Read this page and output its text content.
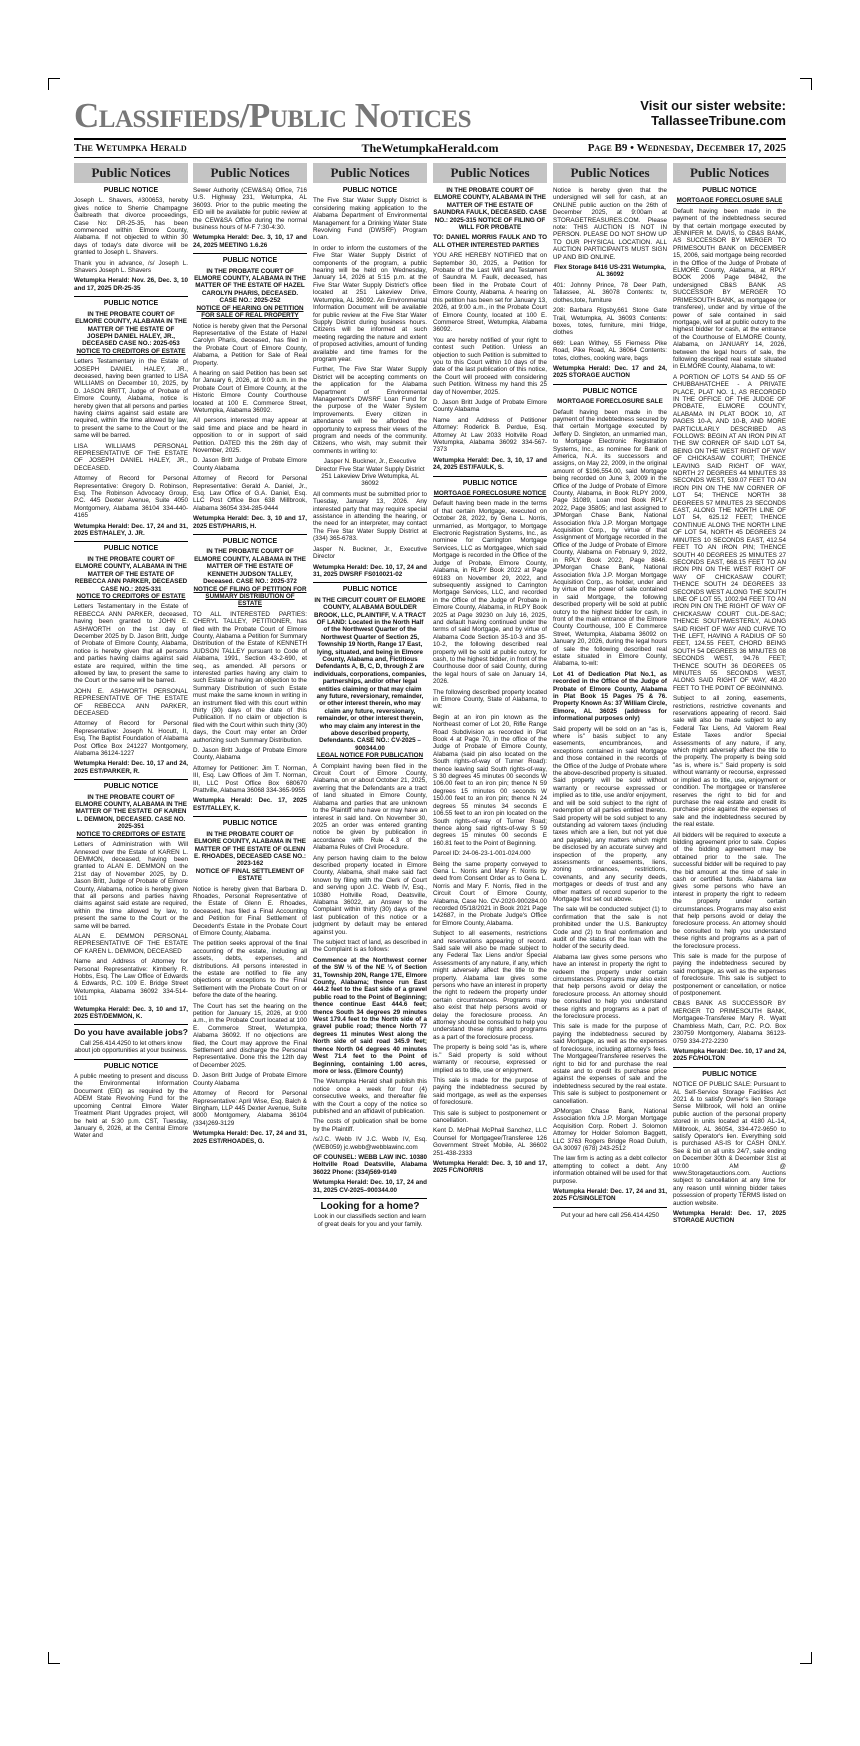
Classifieds/Public Notices	Visit our sister website:
TallasseeTribune.com
The Wetumpka Herald	TheWetumpkaHerald.com	Page B9 • Wednesday, December 17, 2025
Public Notices
PUBLIC NOTICE
Joseph L. Shavers, #300653, hereby gives notice to Sherrie Champagne Galbreath that divorce proceedings, Case No: DR-25-35, has been commenced within Elmore County, Alabama. If not objected to within 30 days of today's date divorce will be granted to Joseph L. Shavers.
Thank you in advance, /s/ Joseph L. Shavers Joseph L. Shavers
Wetumpka Herald: Nov. 26, Dec. 3, 10 and 17, 2025 DR-25-35
PUBLIC NOTICE
IN THE PROBATE COURT OF ELMORE COUNTY, ALABAMA IN THE MATTER OF THE ESTATE OF JOSEPH DANIEL HALEY, JR., DECEASED CASE NO.: 2025-053
NOTICE TO CREDITORS OF ESTATE
Letters Testamentary in the Estate of JOSEPH DANIEL HALEY, JR., deceased, having been granted to LISA WILLIAMS on December 10, 2025, by D. JASON BRITT, Judge of Probate of Elmore County, Alabama, notice is hereby given that all persons and parties having claims against said estate are required, within the time allowed by law, to present the same to the Court or the same will be barred.
LISA WILLIAMS PERSONAL REPRESENTATIVE OF THE ESTATE OF JOSEPH DANIEL HALEY, JR., DECEASED.
Attorney of Record for Personal Representative: Gregory D. Robinson, Esq. The Robinson Advocacy Group, P.C. 445 Dexter Avenue, Suite 4050 Montgomery, Alabama 36104 334-440-4165
Wetumpka Herald: Dec. 17, 24 and 31, 2025 EST/HALEY, J. JR.
PUBLIC NOTICE
IN THE PROBATE COURT OF ELMORE COUNTY, ALABAMA IN THE MATTER OF THE ESTATE OF REBECCA ANN PARKER, DECEASED CASE NO.: 2025-331
NOTICE TO CREDITORS OF ESTATE
Letters Testamentary in the Estate of REBECCA ANN PARKER, deceased, having been granted to JOHN E. ASHWORTH on the 1st day of December 2025 by D. Jason Britt, Judge of Probate of Elmore County, Alabama, notice is hereby given that all persons and parties having claims against said estate are required, within the time allowed by law, to present the same to the Court or the same will be barred.
JOHN E. ASHWORTH PERSONAL REPRESENTATIVE OF THE ESTATE OF REBECCA ANN PARKER, DECEASED
Attorney of Record for Personal Representative: Joseph N. Hocutt, II, Esq. The Baptist Foundation of Alabama Post Office Box 241227 Montgomery, Alabama 36124-1227
Wetumpka Herald: Dec. 10, 17 and 24, 2025 EST/PARKER, R.
PUBLIC NOTICE
IN THE PROBATE COURT OF ELMORE COUNTY, ALABAMA IN THE MATTER OF THE ESTATE OF KAREN L. DEMMON, DECEASED. CASE NO. 2025-351
NOTICE TO CREDITORS OF ESTATE
Letters of Administration with Will Annexed over the Estate of KAREN L. DEMMON, deceased, having been granted to ALAN E. DEMMON on the 21st day of November 2025, by D. Jason Britt, Judge of Probate of Elmore County, Alabama, notice is hereby given that all persons and parties having claims against said estate are required, within the time allowed by law, to present the same to the Court or the same will be barred.
ALAN E. DEMMON PERSONAL REPRESENTATIVE OF THE ESTATE OF KAREN L. DEMMON, DECEASED
Name and Address of Attorney for Personal Representative: Kimberly R. Hobbs, Esq. The Law Office of Edwards & Edwards, P.C. 109 E. Bridge Street Wetumpka, Alabama 36092 334-514-1011
Wetumpka Herald: Dec. 3, 10 and 17, 2025 EST/DEMMON, K.
Do you have available jobs?
Call 256.414.4250 to let others know about job opportunities at your business.
PUBLIC NOTICE
A public meeting to present and discuss the Environmental Information Document (EID) as required by the ADEM State Revolving Fund for the upcoming Central Elmore Water Treatment Plant Upgrades project, will be held at 5:30 p.m. CST, Tuesday, January 6, 2026, at the Central Elmore Water and
Public Notices
Sewer Authority (CEW&SA) Office, 716 U.S. Highway 231, Wetumpka, AL 36093. Prior to the public meeting the EID will be available for public review at the CEW&SA Office during the normal business hours of M-F 7:30-4:30.
Wetumpka Herald: Dec. 3, 10, 17 and 24, 2025 MEETING 1.6.26
PUBLIC NOTICE
IN THE PROBATE COURT OF ELMORE COUNTY, ALABAMA IN THE MATTER OF THE ESTATE OF HAZEL CAROLYN PHARIS, DECEASED. CASE NO.: 2025-252
NOTICE OF HEARING ON PETITION FOR SALE OF REAL PROPERTY
Notice is hereby given that the Personal Representative of the Estate of Hazel Carolyn Pharis, deceased, has filed in the Probate Court of Elmore County, Alabama, a Petition for Sale of Real Property.
A hearing on said Petition has been set for January 6, 2026, at 9:00 a.m. in the Probate Court of Elmore County, at the Historic Elmore County Courthouse located at 100 E. Commerce Street, Wetumpka, Alabama 36092.
All persons interested may appear at said time and place and be heard in opposition to or in support of said Petition. DATED this the 26th day of November, 2025.
D. Jason Britt Judge of Probate Elmore County Alabama
Attorney of Record for Personal Representative: Gerald A. Daniel, Jr., Esq. Law Office of G.A. Daniel, Esq. LLC Post Office Box 638 Millbrook, Alabama 36054 334-285-9444
Wetumpka Herald: Dec. 3, 10 and 17, 2025 EST/PHARIS, H.
PUBLIC NOTICE
IN THE PROBATE COURT OF ELMORE COUNTY, ALABAMA IN THE MATTER OF THE ESTATE OF KENNETH JUDSON TALLEY, Deceased. CASE NO.: 2025-372
NOTICE OF FILING OF PETITION FOR SUMMARY DISTRIBUTION OF ESTATE
TO ALL INTERESTED PARTIES: CHERYL TALLEY, PETITIONER, has filed with the Probate Court of Elmore County, Alabama a Petition for Summary Distribution of the Estate of KENNETH JUDSON TALLEY pursuant to Code of Alabama, 1991, Section 43-2-690, et seq., as amended. All persons or interested parties having any claim to such Estate or having an objection to the Summary Distribution of such Estate must make the same known in writing in an instrument filed with this court within thirty (30) days of the date of this Publication. If no claim or objection is filed with the Court within such thirty (30) days, the Court may enter an Order authorizing such Summary Distribution.
D. Jason Britt Judge of Probate Elmore County, Alabama
Attorney for Petitioner: Jim T. Norman, III, Esq. Law Offices of Jim T. Norman, III, LLC Post Office Box 680670 Prattville, Alabama 36068 334-365-9955
Wetumpka Herald: Dec. 17, 2025 EST/TALLEY, K.
PUBLIC NOTICE
IN THE PROBATE COURT OF ELMORE COUNTY, ALABAMA IN THE MATTER OF THE ESTATE OF GLENN E. RHOADES, DECEASED CASE NO.: 2023-162
NOTICE OF FINAL SETTLEMENT OF ESTATE
Notice is hereby given that Barbara D. Rhoades, Personal Representative of the Estate of Glenn E. Rhoades, deceased, has filed a Final Accounting and Petition for Final Settlement of Decedent's Estate in the Probate Court of Elmore County, Alabama.
The petition seeks approval of the final accounting of the estate, including all assets, debts, expenses, and distributions. All persons interested in the estate are notified to file any objections or exceptions to the Final Settlement with the Probate Court on or before the date of the hearing.
The Court has set the hearing on the petition for January 15, 2026, at 9:00 a.m., in the Probate Court located at 100 E. Commerce Street, Wetumpka, Alabama 36092. If no objections are filed, the Court may approve the Final Settlement and discharge the Personal Representative. Done this the 12th day of December 2025.
D. Jason Britt Judge of Probate Elmore County Alabama
Attorney of Record for Personal Representative: April Wise, Esq. Balch & Bingham, LLP 445 Dexter Avenue, Suite 8000 Montgomery, Alabama 36104 (334)269-3129
Wetumpka Herald: Dec. 17, 24 and 31, 2025 EST/RHOADES, G.
Public Notices
PUBLIC NOTICE
The Five Star Water Supply District is considering making application to the Alabama Department of Environmental Management for a Drinking Water State Revolving Fund (DWSRF) Program Loan.
In order to inform the customers of the Five Star Water Supply District of components of the program, a public hearing will be held on Wednesday, January 14, 2026 at 5:15 p.m. at the Five Star Water Supply District's office located at 251 Lakeview Drive, Wetumpka, AL 36092. An Environmental Information Document will be available for public review at the Five Star Water Supply District during business hours. Citizens will be informed at such meeting regarding the nature and extent of proposed activities, amount of funding available and time frames for the program year.
Further, The Five Star Water Supply District will be accepting comments on the application for the Alabama Department of Environmental Management's DWSRF Loan Fund for the purpose of the Water System Improvements. Every citizen in attendance will be afforded the opportunity to express their views of the program and needs of the community. Citizens, who wish, may submit their comments in writing to:
Jasper N. Buckner, Jr., Executive Director Five Star Water Supply District 251 Lakeview Drive Wetumpka, AL 36092
All comments must be submitted prior to Tuesday, January 13, 2026. Any interested party that may require special assistance in attending the hearing, or the need for an interpreter, may contact The Five Star Water Supply District at (334) 365-6783.
Jasper N. Buckner, Jr., Executive Director
Wetumpka Herald: Dec. 10, 17, 24 and 31, 2025 DWSRF FS010021-02
PUBLIC NOTICE
IN THE CIRCUIT COURT OF ELMORE COUNTY, ALABAMA BOULDER BROOK, LLC, PLAINTIFF, V. A TRACT OF LAND: Located in the North Half of the Northwest Quarter of the Northwest Quarter of Section 25, Township 19 North, Range 17 East, lying, situated, and being in Elmore County, Alabama and, Fictitious Defendants A, B, C, D, through Z are individuals, corporations, companies, partnerships, and/or other legal entities claiming or that may claim any future, reversionary, remainder, or other interest therein, who may claim any future, reversionary, remainder, or other interest therein, who may claim any interest in the above described property, Defendants. CASE NO.: CV-2025 – 900344.00
LEGAL NOTICE FOR PUBLICATION
A Complaint having been filed in the Circuit Court of Elmore County, Alabama, on or about October 21, 2025, averring that the Defendants are a tract of land situated in Elmore County, Alabama and parties that are unknown to the Plaintiff who have or may have an interest in said land. On November 30, 2025 an order was entered granting notice be given by publication in accordance with Rule 4.3 of the Alabama Rules of Civil Procedure.
Any person having claim to the below described property located in Elmore County, Alabama, shall make said fact known by filing with the Clerk of Court and serving upon J.C. Webb IV, Esq., 10380 Holtville Road, Deatsville, Alabama 36022, an Answer to the Complaint within thirty (30) days of the last publication of this notice or a judgment by default may be entered against you.
The subject tract of land, as described in the Complaint is as follows:
Commence at the Northwest corner of the SW ½ of the NE ¼ of Section 31, Township 20N, Range 17E, Elmore County, Alabama; thence run East 444.2 feet to the East side of a gravel public road to the Point of Beginning; thence continue East 444.6 feet; thence South 34 degrees 29 minutes West 179.4 feet to the North side of a gravel public road; thence North 77 degrees 11 minutes West along the North side of said road 345.9 feet; thence North 04 degrees 40 minutes West 71.4 feet to the Point of Beginning, containing 1.00 acres, more or less. (Elmore County)
The Wetumpka Herald shall publish this notice once a week for four (4) consecutive weeks, and thereafter file with the Court a copy of the notice so published and an affidavit of publication.
The costs of publication shall be borne by the Plaintiff.
/s/J.C. Webb IV J.C. Webb IV, Esq. (WEB059) jc.webb@webblawinc.com
OF COUNSEL: WEBB LAW INC. 10380 Holtville Road Deatsville, Alabama 36022 Phone: (334)569-9149
Wetumpka Herald: Dec. 10, 17, 24 and 31, 2025 CV-2025–900344.00
Looking for a home?
Look in our classifieds section and learn of great deals for you and your family.
Public Notices
IN THE PROBATE COURT OF ELMORE COUNTY, ALABAMA IN THE MATTER OF THE ESTATE OF SAUNDRA FAULK, DECEASED. CASE NO.: 2025-315 NOTICE OF FILING OF WILL FOR PROBATE
TO: DANIEL MORRIS FAULK AND TO ALL OTHER INTERESTED PARTIES
YOU ARE HEREBY NOTIFIED that on September 30, 2025, a Petition for Probate of the Last Will and Testament of Saundra M. Faulk, deceased, has been filed in the Probate Court of Elmore County, Alabama. A hearing on this petition has been set for January 13, 2026, at 9:00 a.m., in the Probate Court of Elmore County, located at 100 E. Commerce Street, Wetumpka, Alabama 36092.
You are hereby notified of your right to contest such Petition. Unless an objection to such Petition is submitted to you to this Court within 10 days of the date of the last publication of this notice, the Court will proceed with considering such Petition. Witness my hand this 25 day of November, 2025.
D. Jason Britt Judge of Probate Elmore County Alabama
Name and Address of Petitioner Attorney: Roderick B. Perdue, Esq. Attorney At Law 2033 Holtville Road Wetumpka, Alabama 36092 334-567-7373
Wetumpka Herald: Dec. 3, 10, 17 and 24, 2025 EST/FAULK, S.
PUBLIC NOTICE
MORTGAGE FORECLOSURE NOTICE
Default having been made in the terms of that certain Mortgage, executed on October 28, 2022, by Gena L. Norris, unmarried, as Mortgagor, to Mortgage Electronic Registration Systems, Inc., as nominee for Carrington Mortgage Services, LLC as Mortgagee, which said Mortgage is recorded in the Office of the Judge of Probate, Elmore County, Alabama, in RLPY Book 2022 at Page 69183 on November 29, 2022, and subsequently assigned to Carrington Mortgage Services, LLC, and recorded in the Office of the Judge of Probate in Elmore County, Alabama, in RLPY Book 2025 at Page 39230 on July 16, 2025, and default having continued under the terms of said Mortgage, and by virtue of Alabama Code Section 35-10-3 and 35-10-2, the following described real property will be sold at public outcry, for cash, to the highest bidder, in front of the Courthouse door of said County, during the legal hours of sale on January 14, 2026.
The following described property located in Elmore County, State of Alabama, to wit:
Begin at an iron pin known as the Northeast corner of Lot 20, Rifle Range Road Subdivision as recorded in Plat Book 4 at Page 70, in the office of the Judge of Probate of Elmore County, Alabama (said pin also located on the South rights-of-way of Turner Road): thence leaving said South rights-of-way, S 30 degrees 45 minutes 00 seconds W 106.00 feet to an iron pin; thence N 59 degrees 15 minutes 00 seconds W 150.00 feet to an iron pin; thence N 24 degrees 55 minutes 34 seconds E 106.55 feet to an iron pin located on the South rights-of-way of Turner Road; thence along said rights-of-way S 59 degrees 15 minutes 00 seconds E 160.81 feet to the Point of Beginning.
Parcel ID: 24-06-23-1-001-024.000
Being the same property conveyed to Gena L. Norris and Mary F. Norris by deed from Consent Order as to Gena L. Norris and Mary F. Norris, filed in the Circuit Court of Elmore County, Alabama, Case No. CV-2020-900284.00 recorded 05/18/2021 in Book 2021 Page 142687, in the Probate Judge's Office for Elmore County, Alabama.
Subject to all easements, restrictions and reservations appearing of record. Said sale will also be made subject to any Federal Tax Liens and/or Special Assessments of any nature, if any, which might adversely affect the title to the property. Alabama law gives some persons who have an interest in property the right to redeem the property under certain circumstances. Programs may also exist that help persons avoid or delay the foreclosure process. An attorney should be consulted to help you understand these rights and programs as a part of the foreclosure process.
The property is being sold "as is, where is." Said property is sold without warranty or recourse, expressed or implied as to title, use or enjoyment.
This sale is made for the purpose of paying the indebtedness secured by said mortgage, as well as the expenses of foreclosure.
This sale is subject to postponement or cancellation.
Kent D. McPhail McPhail Sanchez, LLC Counsel for Mortgagee/Transferee 126 Government Street Mobile, AL 36602 251-438-2333
Wetumpka Herald: Dec. 3, 10 and 17, 2025 FC/NORRIS
Public Notices
Notice is hereby given that the undersigned will sell for cash, at an ONLINE public auction on the 26th of December 2025, at 9:00am at STORAGETREASURES.COM. Please note: THIS AUCTION IS NOT IN PERSON. PLEASE DO NOT SHOW UP TO OUR PHYSICAL LOCATION. ALL AUCTION PARTICIPANTS MUST SIGN UP AND BID ONLINE.
Flex Storage 8416 US-231 Wetumpka, AL 36092
401: Johnny Prince, 78 Deer Path, Tallassee, AL 36078 Contents: tv, clothes,tote, furniture
208: Barbara Rigsby,661 Stone Gate Trail, Wetumpka, AL 36093 Contents: boxes, totes, furniture, mini fridge, clothes
669: Lean Withey, 55 Fierness Pike Road, Pike Road, AL 36064 Contents: totes, clothes, cooking ware, bags
Wetumpka Herald: Dec. 17 and 24, 2025 STORAGE AUCTION
PUBLIC NOTICE
MORTGAGE FORECLOSURE SALE
Default having been made in the payment of the indebtedness secured by that certain Mortgage executed by Jeffery D. Singleton, an unmarried man, to Mortgage Electronic Registration Systems, Inc., as nominee for Bank of America, N.A. its successors and assigns, on May 22, 2009, in the original amount of $196,554.00, said Mortgage being recorded on June 3, 2009 in the Office of the Judge of Probate of Elmore County, Alabama, in Book RLPY 2009, Page 31089, Loan mod Book RPLY 2022, Page 35805; and last assigned to JPMorgan Chase Bank, National Association f/k/a J.P. Morgan Mortgage Acquisition Corp., by virtue of that Assignment of Mortgage recorded in the Office of the Judge of Probate of Elmore County, Alabama on February 9, 2022, in RPLY Book 2022, Page 8846. JPMorgan Chase Bank, National Association f/k/a J.P. Morgan Mortgage Acquisition Corp., as holder, under and by virtue of the power of sale contained in said Mortgage, the following described property will be sold at public outcry to the highest bidder for cash, in front of the main entrance of the Elmore County Courthouse, 100 E Commerce Street, Wetumpka, Alabama 36092 on January 20, 2026, during the legal hours of sale the following described real estate situated in Elmore County, Alabama, to-wit:
Lot 41 of Dedication Plat No.1, as recorded in the Office of the Judge of Probate of Elmore County, Alabama in Plat Book 15 Pages 75 & 76. Property Known As: 37 William Circle, Elmore, AL 36025 (address for informational purposes only)
Said property will be sold on an "as is, where is" basis subject to any easements, encumbrances, and exceptions contained in said Mortgage and those contained in the records of the Office of the Judge of Probate where the above-described property is situated. Said property will be sold without warranty or recourse expressed or implied as to title, use and/or enjoyment, and will be sold subject to the right of redemption of all parties entitled thereto. Said property will be sold subject to any outstanding ad valorem taxes (including taxes which are a lien, but not yet due and payable), any matters which might be disclosed by an accurate survey and inspection of the property, any assessments or easements, liens, zoning ordinances, restrictions, covenants, and any security deeds, mortgages or deeds of trust and any other matters of record superior to the Mortgage first set out above.
The sale will be conducted subject (1) to confirmation that the sale is not prohibited under the U.S. Bankruptcy Code and (2) to final confirmation and audit of the status of the loan with the holder of the security deed.
Alabama law gives some persons who have an interest in property the right to redeem the property under certain circumstances. Programs may also exist that help persons avoid or delay the foreclosure process. An attorney should be consulted to help you understand these rights and programs as a part of the foreclosure process.
This sale is made for the purpose of paying the indebtedness secured by said Mortgage, as well as the expenses of foreclosure, including attorney's fees. The Mortgagee/Transferee reserves the right to bid for and purchase the real estate and to credit its purchase price against the expenses of sale and the indebtedness secured by the real estate. This sale is subject to postponement or cancellation.
JPMorgan Chase Bank, National Association f/k/a J.P. Morgan Mortgage Acquisition Corp. Robert J. Solomon Attorney for Holder Solomon Baggett, LLC 3763 Rogers Bridge Road Duluth, GA 30097 (678) 243-2512
The law firm is acting as a debt collector attempting to collect a debt. Any information obtained will be used for that purpose.
Wetumpka Herald: Dec. 17, 24 and 31, 2025 FC/SINGLETON
Put your ad here call 256.414.4250
Public Notices
PUBLIC NOTICE
MORTGAGE FORECLOSURE SALE
Default having been made in the payment of the indebtedness secured by that certain mortgage executed by JENNIFER M. DAVIS, to CB&S BANK, AS SUCCESSOR BY MERGER TO PRIMESOUTH BANK on DECEMBER 15, 2006, said mortgage being recorded in the Office of the Judge of Probate of ELMORE County, Alabama, at RPLY BOOK 2006 Page 94842, the undersigned CB&S BANK AS SUCCESSOR BY MERGER TO PRIMESOUTH BANK, as mortgagee (or transferee), under and by virtue of the power of sale contained in said mortgage, will sell at public outcry to the highest bidder for cash, at the entrance of the Courthouse of ELMORE County, Alabama, on JANUARY 14, 2026, between the legal hours of sale, the following described real estate situated in ELMORE County, Alabama, to wit:
A PORTION OF LOTS 54 AND 55 OF CHUBBAHATCHEE - A PRIVATE PLACE, PLAT NO. 1, AS RECORDED IN THE OFFICE OF THE JUDGE OF PROBATE, ELMORE COUNTY, ALABAMA IN PLAT BOOK 10, AT PAGES 10-A, AND 10-B, AND MORE PARTICULARLY DESCRIBED AS FOLLOWS: BEGIN AT AN IRON PIN AT THE SW CORNER OF SAID LOT 54, BEING ON THE WEST RIGHT OF WAY OF CHICKASAW COURT; THENCE LEAVING SAID RIGHT OF WAY, NORTH 27 DEGREES 44 MINUTES 33 SECONDS WEST, 539.07 FEET TO AN IRON PIN ON THE NW CORNER OF LOT 54; THENCE NORTH 38 DEGREES 57 MINUTES 23 SECONDS EAST, ALONG THE NORTH LINE OF LOT 54, 625.12 FEET; THENCE CONTINUE ALONG THE NORTH LINE OF LOT 54, NORTH 45 DEGREES 24 MINUTES 10 SECONDS EAST, 412.54 FEET TO AN IRON PIN; THENCE SOUTH 40 DEGREES 25 MINUTES 27 SECONDS EAST, 668.15 FEET TO AN IRON PIN ON THE WEST RIGHT OF WAY OF CHICKASAW COURT; THENCE SOUTH 24 DEGREES 33 SECONDS WEST ALONG THE SOUTH LINE OF LOT 55, 1002.94 FEET TO AN IRON PIN ON THE RIGHT OF WAY OF CHICKASAW COURT CUL-DE-SAC; THENCE SOUTHWESTERLY, ALONG SAID RIGHT OF WAY AND CURVE TO THE LEFT, HAVING A RADIUS OF 50 FEET, 124.55 FEET, CHORD BEING SOUTH 54 DEGREES 36 MINUTES 08 SECONDS WEST, 94.76 FEET; THENCE SOUTH 36 DEGREES 05 MINUTES 55 SECONDS WEST, ALONG SAID RIGHT OF WAY, 48.20 FEET TO THE POINT OF BEGINNING.
Subject to all zoning, easements, restrictions, restrictive covenants and reservations appearing of record. Said sale will also be made subject to any Federal Tax Liens, Ad Valorem Real Estate Taxes and/or Special Assessments of any nature, if any, which might adversely affect the title to the property. The property is being sold "as is, where is." Said property is sold without warranty or recourse, expressed or implied as to title, use, enjoyment or condition. The mortgagee or transferee reserves the right to bid for and purchase the real estate and credit its purchase price against the expenses of sale and the indebtedness secured by the real estate.
All bidders will be required to execute a bidding agreement prior to sale. Copies of the bidding agreement may be obtained prior to the sale. The successful bidder will be required to pay the bid amount at the time of sale in cash or certified funds. Alabama law gives some persons who have an interest in property the right to redeem the property under certain circumstances. Programs may also exist that help persons avoid or delay the foreclosure process. An attorney should be consulted to help you understand these rights and programs as a part of the foreclosure process.
This sale is made for the purpose of paying the indebtedness secured by said mortgage, as well as the expenses of foreclosure. This sale is subject to postponement or cancellation, or notice of postponement.
CB&S BANK AS SUCCESSOR BY MERGER TO PRIMESOUTH BANK, Mortgagee-Transferee Mary R. Wyatt Chambless Math, Carr, P.C. P.O. Box 230759 Montgomery, Alabama 36123-0759 334-272-2230
Wetumpka Herald: Dec. 10, 17 and 24, 2025 FC/HOLTON
PUBLIC NOTICE
NOTICE OF PUBLIC SALE: Pursuant to AL Self-Service Storage Facilities Act 2021 & to satisfy Owner's lien Storage Sense Millbrook, will hold an online public auction of the personal property stored in units located at 4180 AL-14, Millbrook, AL 36054, 334-472-9650 to satisfy Operator's lien. Everything sold is purchased AS-IS for CASH ONLY. See & bid on all units 24/7, sale ending on December 30th & December 31st at 10:00 AM @ www.Storagetauctions.com. Auctions subject to cancellation at any time for any reason until winning bidder takes possession of property TERMS listed on auction website.
Wetumpka Herald: Dec. 17, 2025 STORAGE AUCTION
